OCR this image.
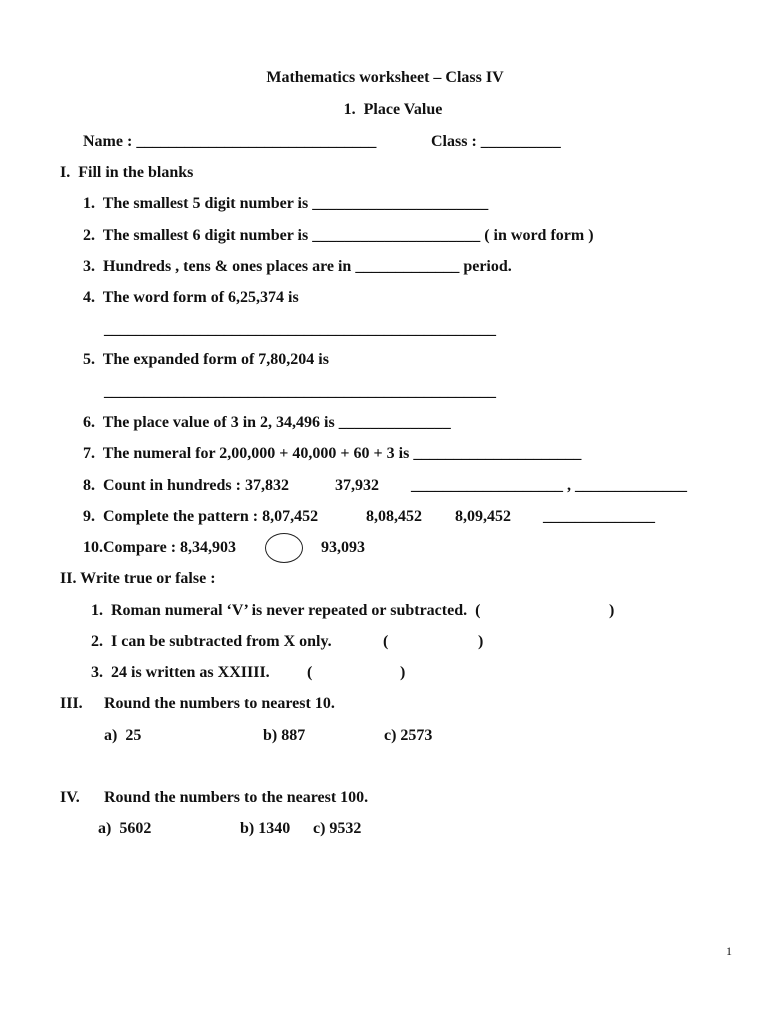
Mathematics worksheet – Class IV
1.  Place Value
Name : ______________________________	Class : __________
I.  Fill in the blanks
1.  The smallest 5 digit number is ______________________
2.  The smallest 6 digit number is _____________________ ( in word form )
3.  Hundreds , tens & ones places are in _____________ period.
4.  The word form of 6,25,374 is
_________________________________________________
5.  The expanded form of 7,80,204 is
_________________________________________________
6.  The place value of 3 in 2, 34,496 is ______________
7.  The numeral for 2,00,000 + 40,000 + 60 + 3 is _____________________
8.  Count in hundreds : 37,832	37,932 ___________________ , ______________
9.  Complete the pattern : 8,07,452	8,08,452 8,09,452 ______________
10.Compare : 8,34,903	93,093
II. Write true or false :
1.  Roman numeral ‘V’ is never repeated or subtracted.  (	)
2.  I can be subtracted from X only.	(	)
3.  24 is written as XXIIII. (	)
III. Round the numbers to nearest 10.
a)  25	b) 887	c) 2573
IV. Round the numbers to the nearest 100.
a)  5602	b) 1340 c) 9532
1
